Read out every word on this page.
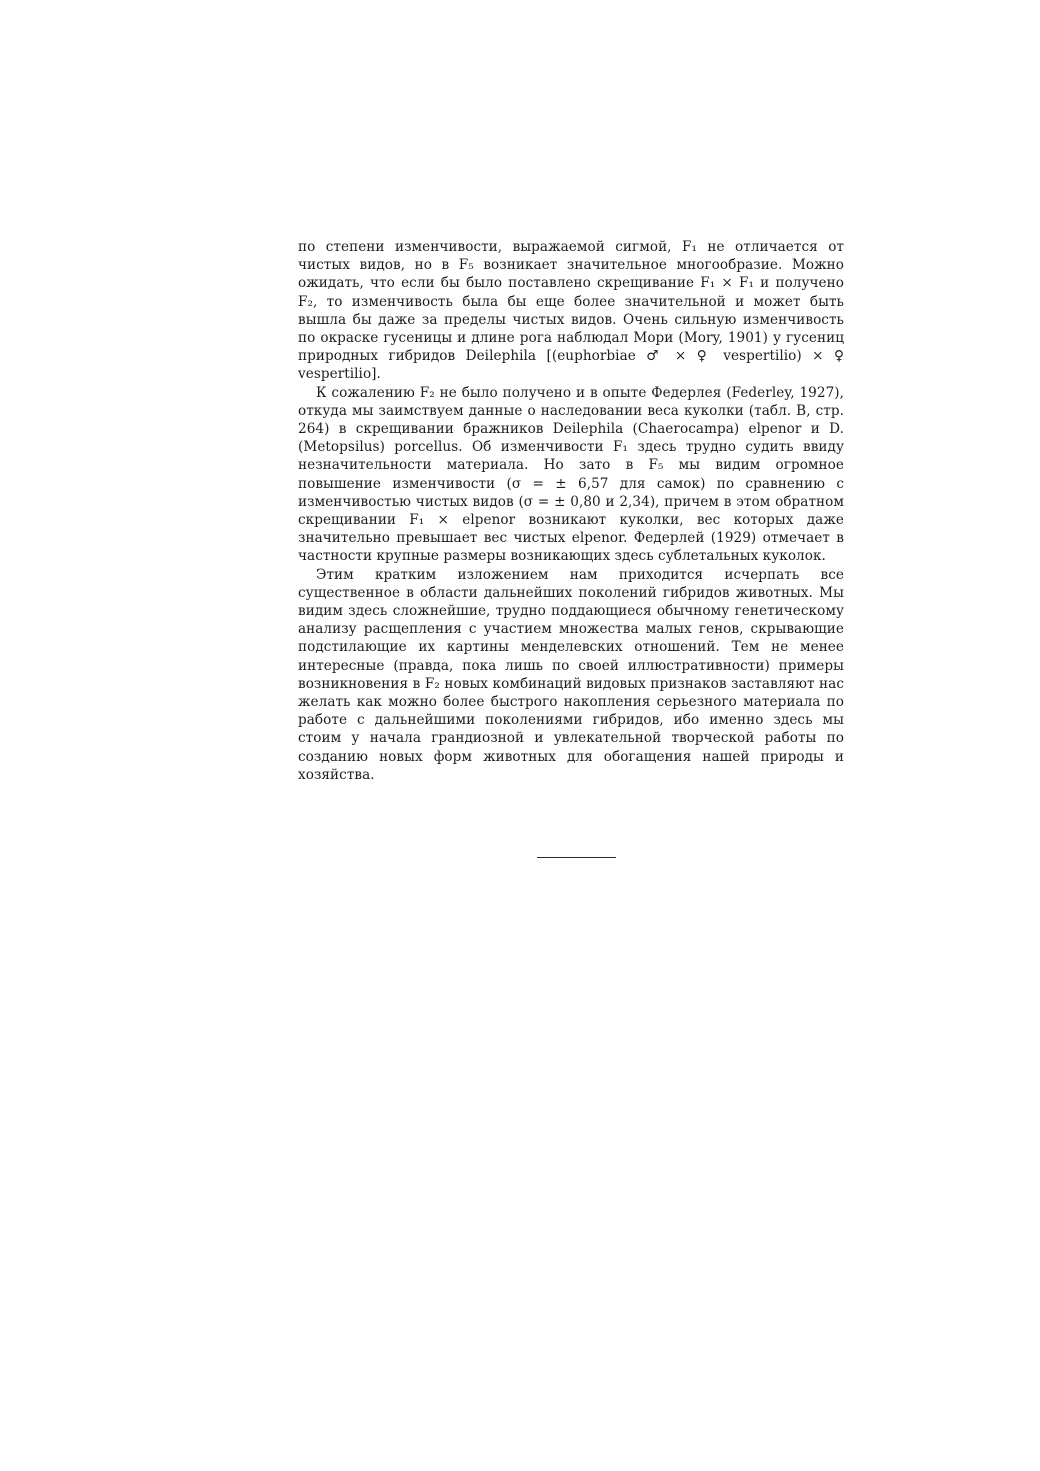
по степени изменчивости, выражаемой сигмой, F₁ не отличается от чистых видов, но в F₅ возникает значительное многообразие. Можно ожидать, что если бы было поставлено скрещивание F₁ × F₁ и получено F₂, то изменчивость была бы еще более значительной и может быть вышла бы даже за пределы чистых видов. Очень сильную изменчивость по окраске гусеницы и длине рога наблюдал Мори (Mory, 1901) у гусениц природных гибридов Deilephila [(euphorbiae ♂ × ♀ vespertilio) × ♀ vespertilio].

К сожалению F₂ не было получено и в опыте Федерлея (Federley, 1927), откуда мы заимствуем данные о наследовании веса куколки (табл. B, стр. 264) в скрещивании бражников Deilephila (Chaerocampa) elpenor и D. (Metopsilus) porcellus. Об изменчивости F₁ здесь трудно судить ввиду незначительности материала. Но зато в F₅ мы видим огромное повышение изменчивости (σ = ± 6,57 для самок) по сравнению с изменчивостью чистых видов (σ = ± 0,80 и 2,34), причем в этом обратном скрещивании F₁ × elpenor возникают куколки, вес которых даже значительно превышает вес чистых elpenor. Федерлей (1929) отмечает в частности крупные размеры возникающих здесь сублетальных куколок.

Этим кратким изложением нам приходится исчерпать все существенное в области дальнейших поколений гибридов животных. Мы видим здесь сложнейшие, трудно поддающиеся обычному генетическому анализу расщепления с участием множества малых генов, скрывающие подстилающие их картины менделевских отношений. Тем не менее интересные (правда, пока лишь по своей иллюстративности) примеры возникновения в F₂ новых комбинаций видовых признаков заставляют нас желать как можно более быстрого накопления серьезного материала по работе с дальнейшими поколениями гибридов, ибо именно здесь мы стоим у начала грандиозной и увлекательной творческой работы по созданию новых форм животных для обогащения нашей природы и хозяйства.
